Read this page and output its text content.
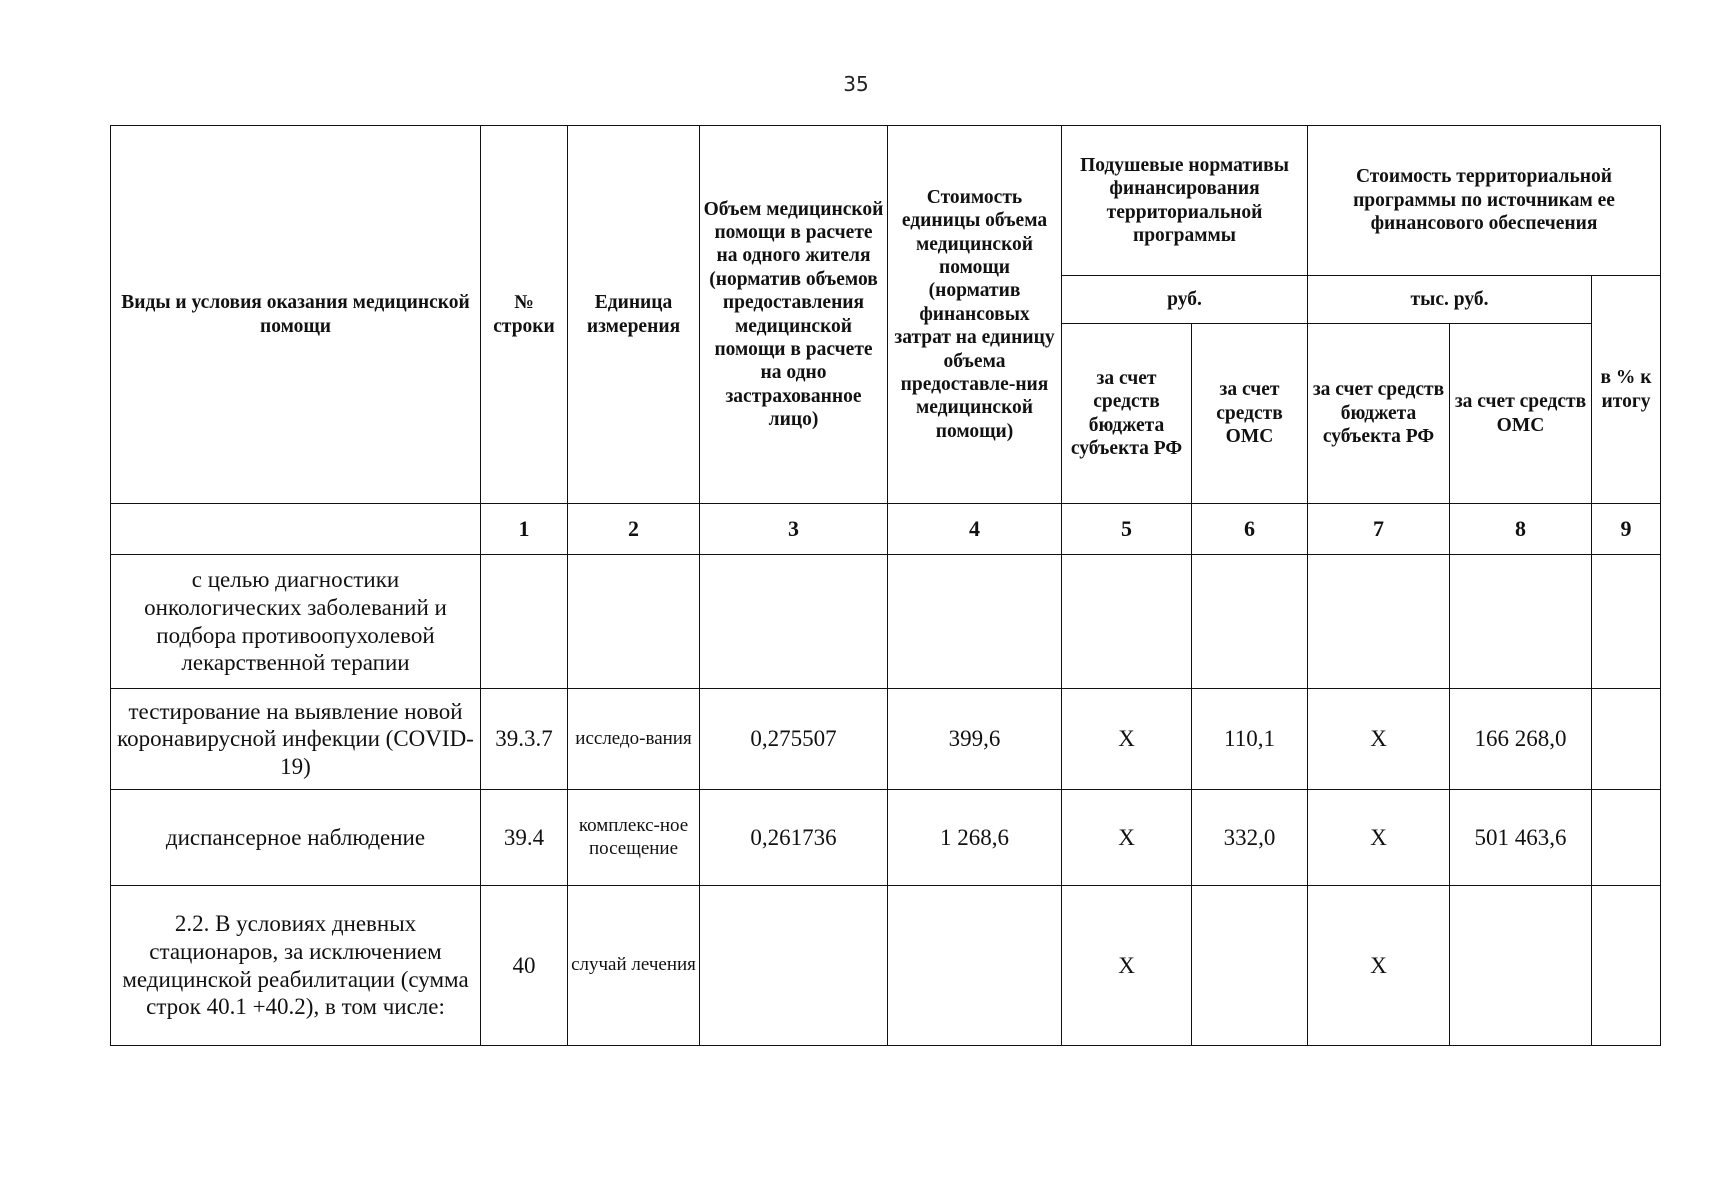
35
Виды и условия оказания медицинской помощи	№ строки	Единица измерения	Объем медицинской помощи в расчете на одного жителя (норматив объемов предоставления медицинской помощи в расчете на одно застрахованное лицо)	Стоимость единицы объема медицинской помощи (норматив финансовых затрат на единицу объема предоставле-ния медицинской помощи)	Подушевые нормативы финансирования территориальной программы		Стоимость территориальной программы по источникам ее финансового обеспечения		
					руб.		тыс. руб.		в % к итогу
					за счет средств бюджета субъекта РФ	за счет средств ОМС	за счет средств бюджета субъекта РФ	за счет средств ОМС	
	1	2	3	4	5	6	7	8	9
с целью диагностики онкологических заболеваний и подбора противоопухолевой лекарственной терапии									
тестирование на выявление новой коронавирусной инфекции (COVID-19)	39.3.7	исследо-вания	0,275507	399,6	Х	110,1	Х	166 268,0	
диспансерное наблюдение	39.4	комплекс-ное посещение	0,261736	1 268,6	Х	332,0	Х	501 463,6	
2.2. В условиях дневных стационаров, за исключением медицинской реабилитации (сумма строк 40.1 +40.2), в том числе:	40	случай лечения			Х		Х		
